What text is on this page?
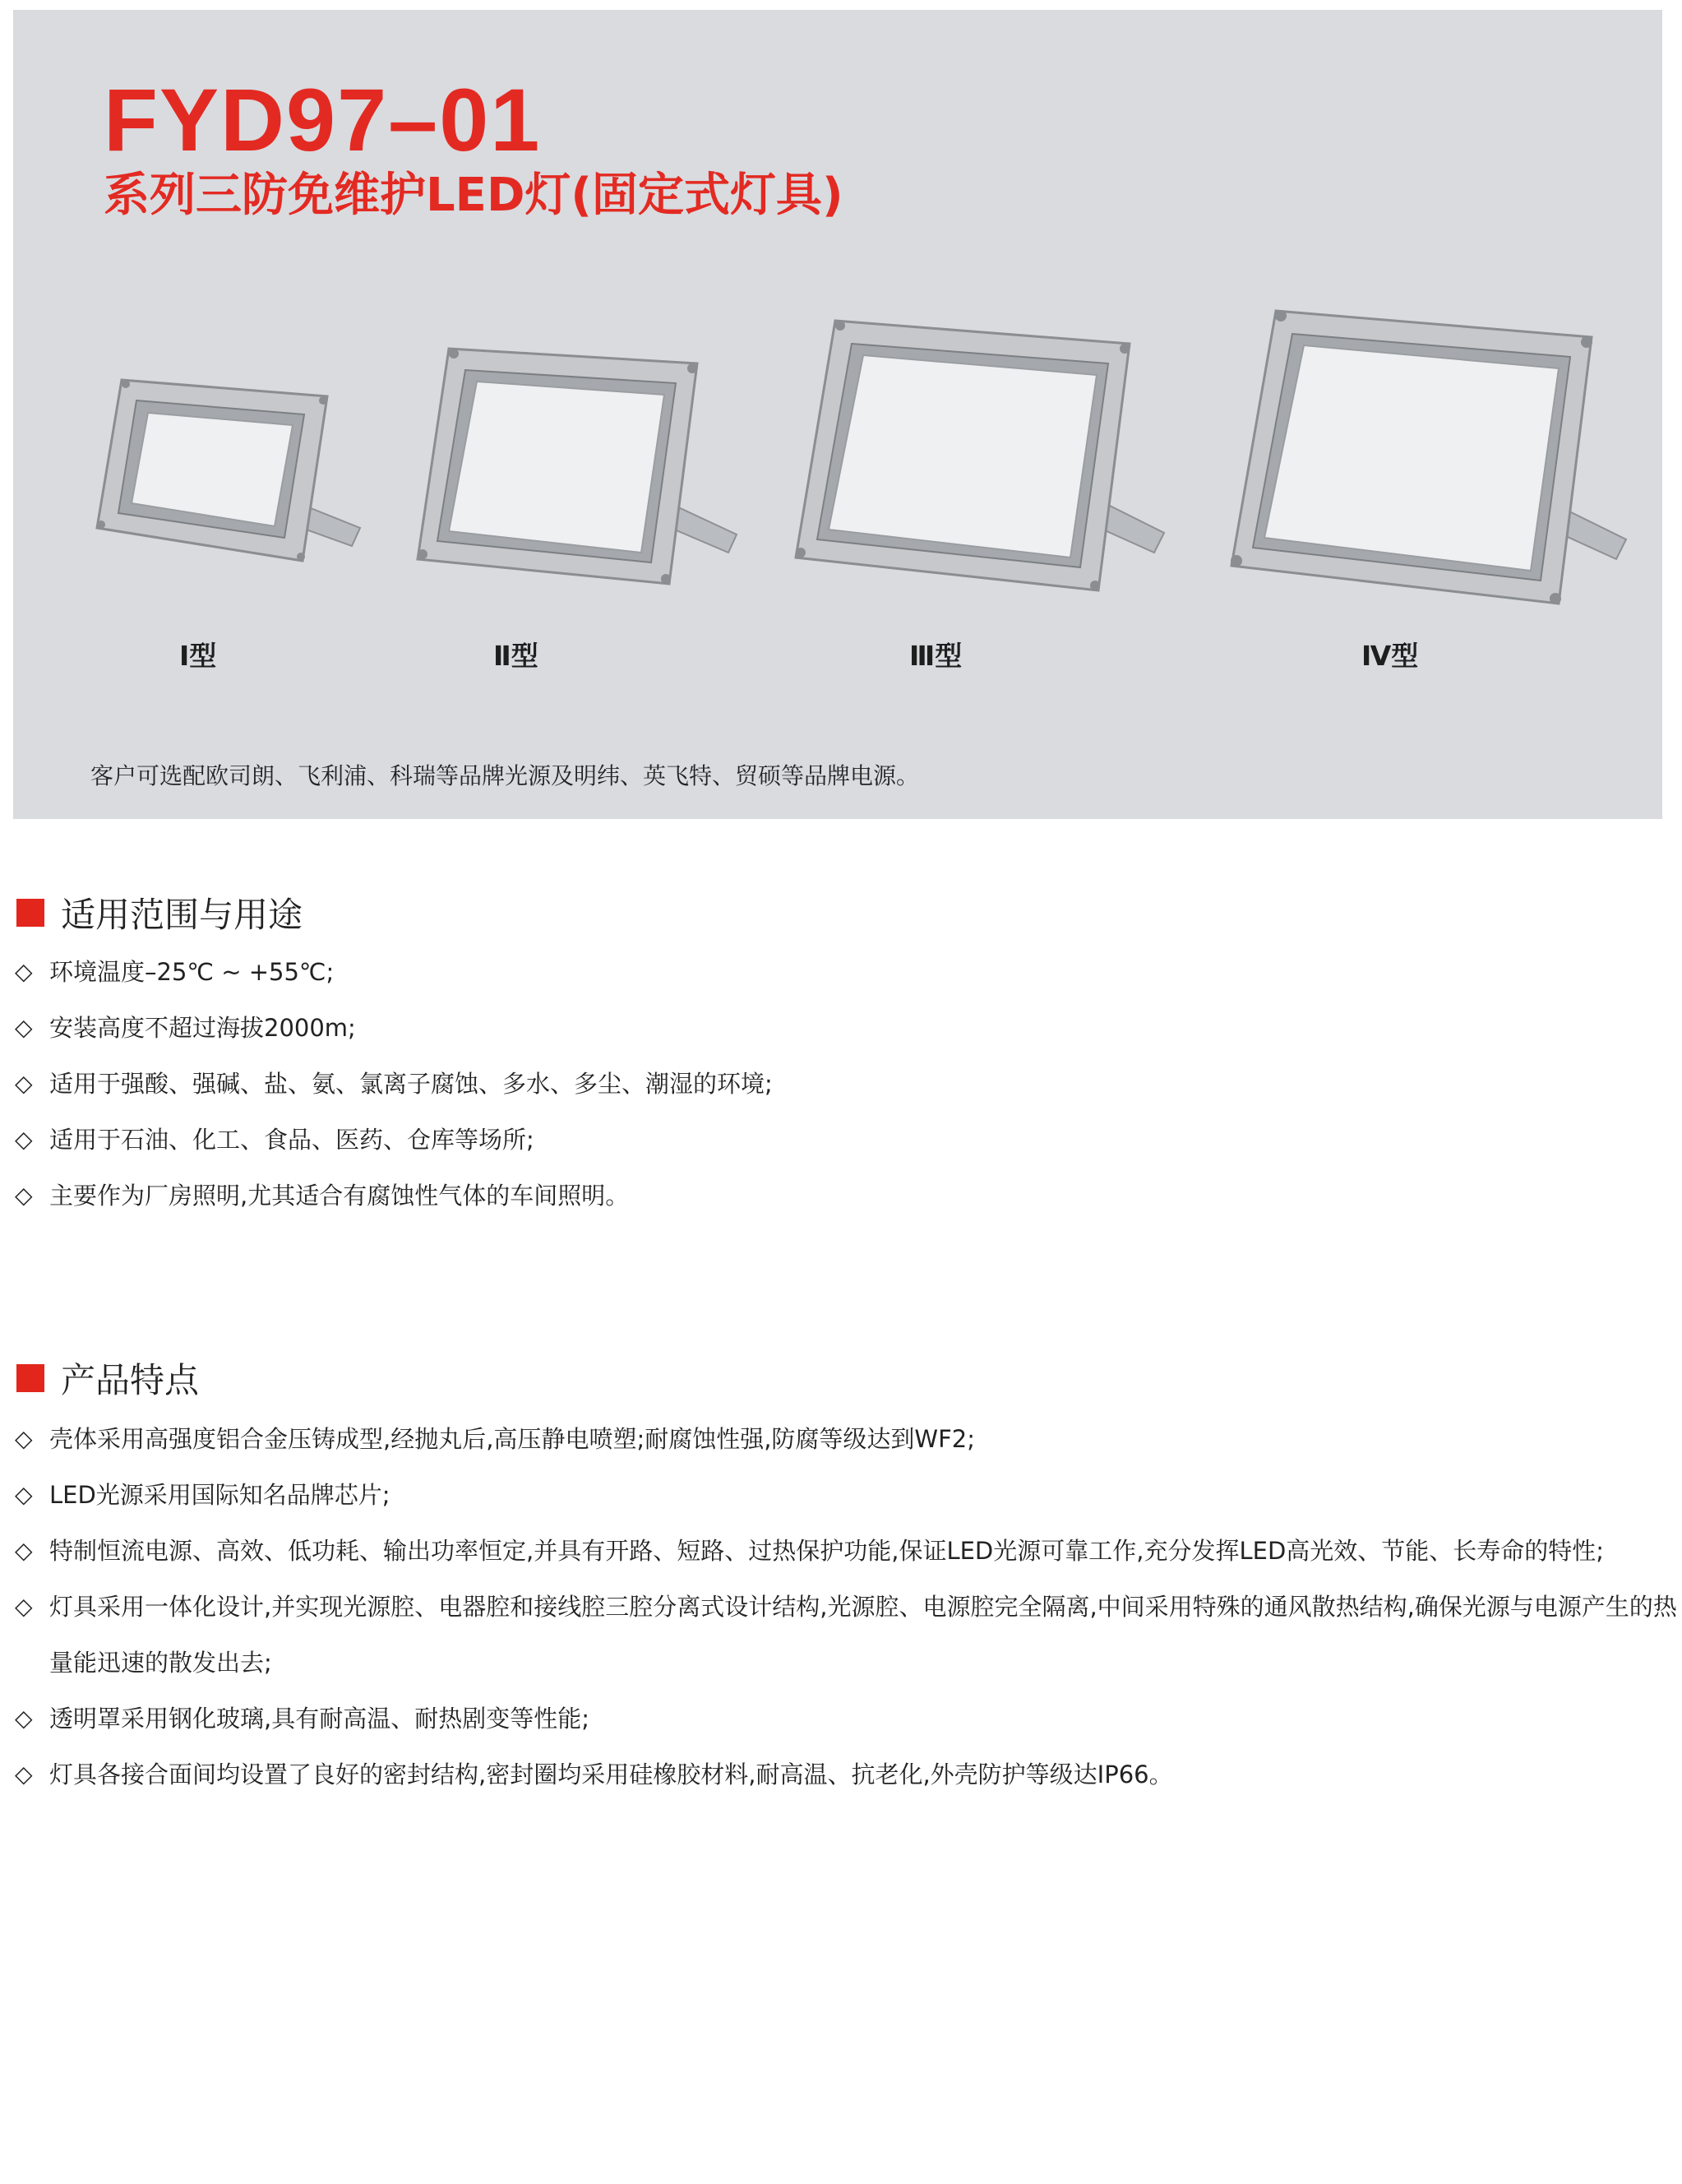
FYD97–01
系列三防免维护LED灯(固定式灯具)

Ⅰ型	Ⅱ型	Ⅲ型	Ⅳ型

客户可选配欧司朗、飞利浦、科瑞等品牌光源及明纬、英飞特、贸硕等品牌电源。

适用范围与用途
◇ 环境温度–25℃ ~ +55℃;
◇ 安装高度不超过海拔2000m;
◇ 适用于强酸、强碱、盐、氨、氯离子腐蚀、多水、多尘、潮湿的环境;
◇ 适用于石油、化工、食品、医药、仓库等场所;
◇ 主要作为厂房照明,尤其适合有腐蚀性气体的车间照明。
产品特点
◇ 壳体采用高强度铝合金压铸成型,经抛丸后,高压静电喷塑;耐腐蚀性强,防腐等级达到WF2;
◇ LED光源采用国际知名品牌芯片;
◇ 特制恒流电源、高效、低功耗、输出功率恒定,并具有开路、短路、过热保护功能,保证LED光源可靠工作,充分发挥LED高光效、节能、长寿命的特性;
◇ 灯具采用一体化设计,并实现光源腔、电器腔和接线腔三腔分离式设计结构,光源腔、电源腔完全隔离,中间采用特殊的通风散热结构,确保光源与电源产生的热量能迅速的散发出去;
◇ 透明罩采用钢化玻璃,具有耐高温、耐热剧变等性能;
◇ 灯具各接合面间均设置了良好的密封结构,密封圈均采用硅橡胶材料,耐高温、抗老化,外壳防护等级达IP66。
